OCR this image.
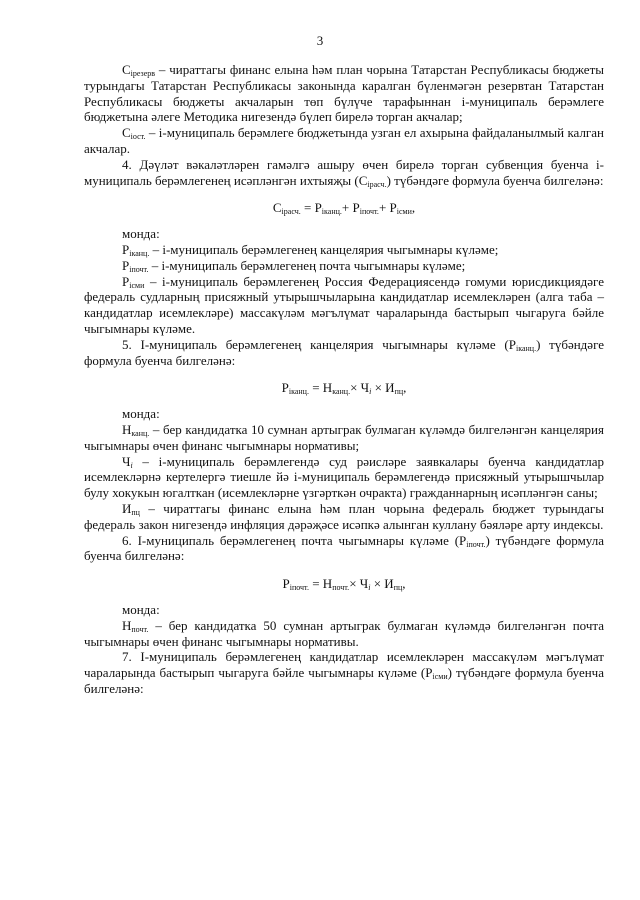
3

$С_{iрезерв}$ – чираттагы финанс елына һәм план чорына Татарстан Республикасы бюджеты турындагы Татарстан Республикасы законында каралган бүленмәгән резервтан Татарстан Республикасы бюджеты акчаларын төп бүлүче тарафыннан і-муниципаль берәмлеге бюджетына әлеге Методика нигезендә бүлеп бирелә торган акчалар;

$С_{iост.}$ – і-муниципаль берәмлеге бюджетында узган ел ахырына файдаланылмый калган акчалар.

4. Дәүләт вәкаләтләрен гамәлгә ашыру өчен бирелә торган субвенция буенча і-муниципаль берәмлегенең исәпләнгән ихтыяҗы $(С_{iрасч.})$ түбәндәге формула буенча билгеләнә:

$С_{iрасч.} = Р_{iканц.}+ Р_{iпочт.}+ Р_{iсми}$,

монда:

$Р_{iканц.}$ – і-муниципаль берәмлегенең канцелярия чыгымнары күләме;

$Р_{iпочт.}$ – і-муниципаль берәмлегенең почта чыгымнары күләме;

$Р_{iсми}$ – і-муниципаль берәмлегенең Россия Федерациясендә гомуми юрисдикциядәге федераль судларның присяжный утырышчыларына кандидатлар исемлекләрен (алга таба – кандидатлар исемлекләре) массакүләм мәгълүмат чараларында бастырып чыгаруга бәйле чыгымнары күләме.

5. І-муниципаль берәмлегенең канцелярия чыгымнары күләме $(Р_{iканц.})$ түбәндәге формула буенча билгеләнә:

$Р_{iканц.} = Н_{канц.}\times Ч_i \times И_{пц}$,

монда:

$Н_{канц.}$ – бер кандидатка 10 сумнан артыграк булмаган күләмдә билгеләнгән канцелярия чыгымнары өчен финанс чыгымнары нормативы;

$Ч_i$ – і-муниципаль берәмлегендә суд рәисләре заявкалары буенча кандидатлар исемлекләрнә кертелергә тиешле йә і-муниципаль берәмлегендә присяжный утырышчылар булу хокукын югалткан (исемлекләрне үзгәрткән очракта) гражданнарның исәпләнгән саны;

$И_{пц}$ – чираттагы финанс елына һәм план чорына федераль бюджет турындагы федераль закон нигезендә инфляция дәрәҗәсе исәпкә алынган куллану бәяләре арту индексы.

6. І-муниципаль берәмлегенең почта чыгымнары күләме $(Р_{iпочт.})$ түбәндәге формула буенча билгеләнә:

$Р_{iпочт.} = Н_{почт.}\times Ч_i \times И_{пц}$,

монда:

$Н_{почт.}$ – бер кандидатка 50 сумнан артыграк булмаган күләмдә билгеләнгән почта чыгымнары өчен финанс чыгымнары нормативы.

7. І-муниципаль берәмлегенең кандидатлар исемлекләрен массакүләм мәгълүмат чараларында бастырып чыгаруга бәйле чыгымнары күләме $(Р_{iсми})$ түбәндәге формула буенча билгеләнә:
